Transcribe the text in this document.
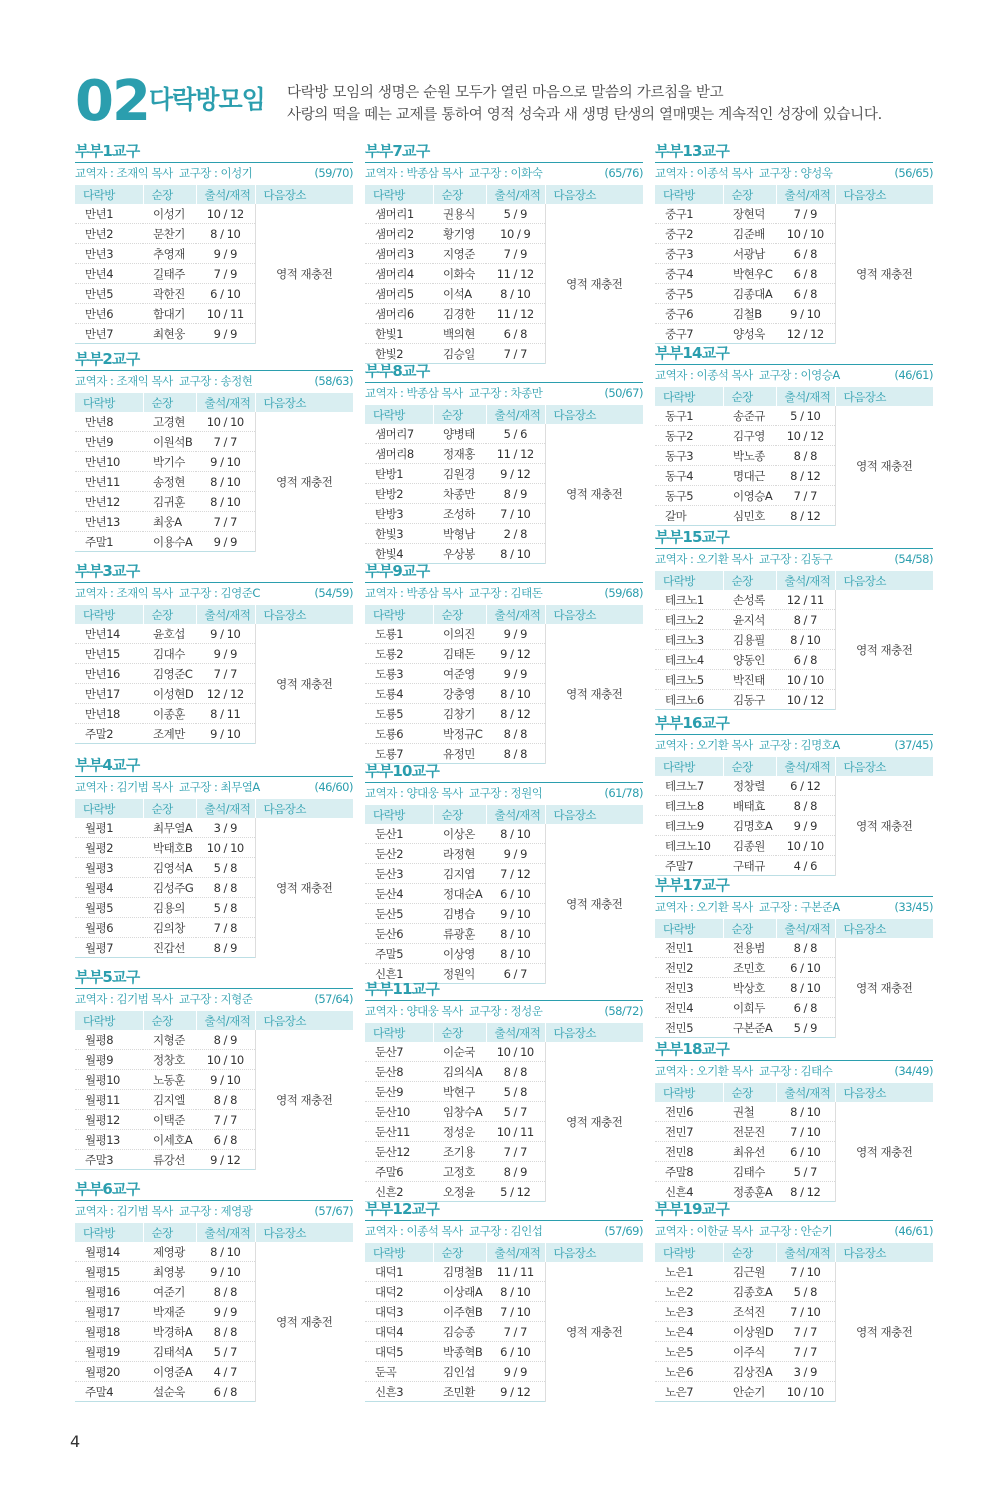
02 다락방모임 다락방 모임의 생명은 순원 모두가 열린 마음으로 말씀의 가르침을 받고
사랑의 떡을 떼는 교제를 통하여 영적 성숙과 새 생명 탄생의 열매맺는 계속적인 성장에 있습니다.
부부1교구
교역자 : 조재익 목사 교구장 : 이성기	(59/70)
다락방	순장	출석/재적	다음장소
만년1	이성기	10 / 12	영적 재충전
만년2	문찬기	8 / 10	
만년3	추영재	9 / 9	
만년4	길태주	7 / 9	
만년5	곽한진	6 / 10	
만년6	함대기	10 / 11	
만년7	최현웅	9 / 9	
부부2교구
교역자 : 조재익 목사 교구장 : 송정현	(58/63)
다락방	순장	출석/재적	다음장소
만년8	고경현	10 / 10	영적 재충전
만년9	이원석B	7 / 7	
만년10	박기수	9 / 10	
만년11	송정현	8 / 10	
만년12	김귀훈	8 / 10	
만년13	최웅A	7 / 7	
주말1	이용수A	9 / 9	
부부3교구
교역자 : 조재익 목사 교구장 : 김영준C	(54/59)
다락방	순장	출석/재적	다음장소
만년14	윤호섭	9 / 10	영적 재충전
만년15	김대수	9 / 9	
만년16	김영준C	7 / 7	
만년17	이성현D	12 / 12	
만년18	이종훈	8 / 11	
주말2	조계만	9 / 10	
부부4교구
교역자 : 김기범 목사 교구장 : 최무열A	(46/60)
다락방	순장	출석/재적	다음장소
월평1	최무열A	3 / 9	영적 재충전
월평2	박태호B	10 / 10	
월평3	김영석A	5 / 8	
월평4	김성주G	8 / 8	
월평5	김용의	5 / 8	
월평6	김의창	7 / 8	
월평7	진갑선	8 / 9	
부부5교구
교역자 : 김기범 목사 교구장 : 지형준	(57/64)
다락방	순장	출석/재적	다음장소
월평8	지형준	8 / 9	영적 재충전
월평9	정창호	10 / 10	
월평10	노동훈	9 / 10	
월평11	김지엘	8 / 8	
월평12	이택준	7 / 7	
월평13	이세호A	6 / 8	
주말3	류강선	9 / 12	
부부6교구
교역자 : 김기범 목사 교구장 : 제영광	(57/67)
다락방	순장	출석/재적	다음장소
월평14	제영광	8 / 10	영적 재충전
월평15	최영봉	9 / 10	
월평16	여준기	8 / 8	
월평17	박재준	9 / 9	
월평18	박경하A	8 / 8	
월평19	김태석A	5 / 7	
월평20	이영준A	4 / 7	
주말4	설순욱	6 / 8	
부부7교구
교역자 : 박종삼 목사 교구장 : 이화숙	(65/76)
다락방	순장	출석/재적	다음장소
샘머리1	권용식	5 / 9	영적 재충전
샘머리2	황기영	10 / 9	
샘머리3	지영준	7 / 9	
샘머리4	이화숙	11 / 12	
샘머리5	이석A	8 / 10	
샘머리6	김경한	11 / 12	
한빛1	백의현	6 / 8	
한빛2	김승일	7 / 7	
부부8교구
교역자 : 박종삼 목사 교구장 : 차종만	(50/67)
다락방	순장	출석/재적	다음장소
샘머리7	양병태	5 / 6	영적 재충전
샘머리8	정재홍	11 / 12	
탄방1	김원경	9 / 12	
탄방2	차종만	8 / 9	
탄방3	조성하	7 / 10	
한빛3	박형남	2 / 8	
한빛4	우상봉	8 / 10	
부부9교구
교역자 : 박종삼 목사 교구장 : 김태돈	(59/68)
다락방	순장	출석/재적	다음장소
도룡1	이의진	9 / 9	영적 재충전
도룡2	김태돈	9 / 12	
도룡3	여준영	9 / 9	
도룡4	강충영	8 / 10	
도룡5	김창기	8 / 12	
도룡6	박정규C	8 / 8	
도룡7	유정민	8 / 8	
부부10교구
교역자 : 양대웅 목사 교구장 : 정원익	(61/78)
다락방	순장	출석/재적	다음장소
둔산1	이상온	8 / 10	영적 재충전
둔산2	라정현	9 / 9	
둔산3	김지엽	7 / 12	
둔산4	정대순A	6 / 10	
둔산5	김병습	9 / 10	
둔산6	류광훈	8 / 10	
주말5	이상영	8 / 10	
신흔1	정원익	6 / 7	
부부11교구
교역자 : 양대웅 목사 교구장 : 정성운	(58/72)
다락방	순장	출석/재적	다음장소
둔산7	이순국	10 / 10	영적 재충전
둔산8	김의식A	8 / 8	
둔산9	박현구	5 / 8	
둔산10	임창수A	5 / 7	
둔산11	정성운	10 / 11	
둔산12	조기용	7 / 7	
주말6	고정호	8 / 9	
신흔2	오정윤	5 / 12	
부부12교구
교역자 : 이종석 목사 교구장 : 김인섭	(57/69)
다락방	순장	출석/재적	다음장소
대덕1	김명철B	11 / 11	영적 재충전
대덕2	이상래A	8 / 10	
대덕3	이주현B	7 / 10	
대덕4	김승종	7 / 7	
대덕5	박종혁B	6 / 10	
둔곡	김인섭	9 / 9	
신흔3	조민환	9 / 12	
부부13교구
교역자 : 이종석 목사 교구장 : 양성욱	(56/65)
다락방	순장	출석/재적	다음장소
중구1	장현덕	7 / 9	영적 재충전
중구2	김준배	10 / 10	
중구3	서광남	6 / 8	
중구4	박현우C	6 / 8	
중구5	김종대A	6 / 8	
중구6	김철B	9 / 10	
중구7	양성욱	12 / 12	
부부14교구
교역자 : 이종석 목사 교구장 : 이영승A	(46/61)
다락방	순장	출석/재적	다음장소
동구1	송준규	5 / 10	영적 재충전
동구2	김구영	10 / 12	
동구3	박노종	8 / 8	
동구4	명대근	8 / 12	
동구5	이영승A	7 / 7	
갈마	심민호	8 / 12	
부부15교구
교역자 : 오기환 목사 교구장 : 김동구	(54/58)
다락방	순장	출석/재적	다음장소
테크노1	손성록	12 / 11	영적 재충전
테크노2	윤지석	8 / 7	
테크노3	김용필	8 / 10	
테크노4	양동인	6 / 8	
테크노5	박진태	10 / 10	
테크노6	김동구	10 / 12	
부부16교구
교역자 : 오기환 목사 교구장 : 김명호A	(37/45)
다락방	순장	출석/재적	다음장소
테크노7	정창렬	6 / 12	영적 재충전
테크노8	배태효	8 / 8	
테크노9	김명호A	9 / 9	
테크노10	김종원	10 / 10	
주말7	구태규	4 / 6	
부부17교구
교역자 : 오기환 목사 교구장 : 구본준A	(33/45)
다락방	순장	출석/재적	다음장소
전민1	전용범	8 / 8	영적 재충전
전민2	조민호	6 / 10	
전민3	박상호	8 / 10	
전민4	이희두	6 / 8	
전민5	구본준A	5 / 9	
부부18교구
교역자 : 오기환 목사 교구장 : 김태수	(34/49)
다락방	순장	출석/재적	다음장소
전민6	권철	8 / 10	영적 재충전
전민7	전문진	7 / 10	
전민8	최유선	6 / 10	
주말8	김태수	5 / 7	
신흔4	정종훈A	8 / 12	
부부19교구
교역자 : 이한균 목사 교구장 : 안순기	(46/61)
다락방	순장	출석/재적	다음장소
노은1	김근원	7 / 10	영적 재충전
노은2	김종호A	5 / 8	
노은3	조석진	7 / 10	
노은4	이상원D	7 / 7	
노은5	이주식	7 / 7	
노은6	김상진A	3 / 9	
노은7	안순기	10 / 10	
4
